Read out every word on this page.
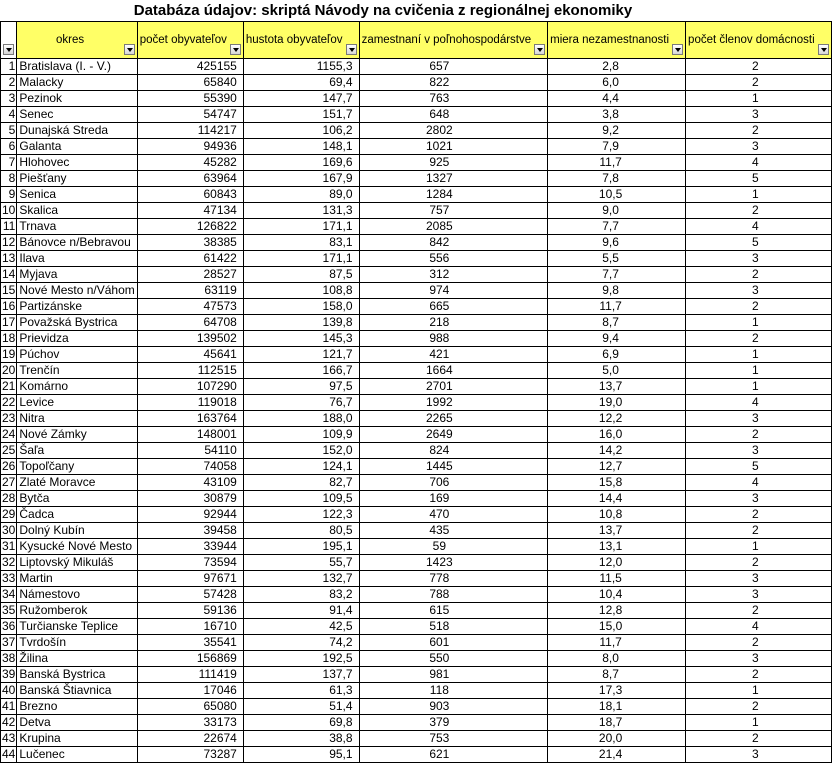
Databáza údajov: skriptá Návody na cvičenia z regionálnej ekonomiky

	okres	počet obyvateľov	hustota obyvateľov	zamestnaní v poľnohospodárstve	miera nezamestnanosti	počet členov domácnosti

1	Bratislava (I. - V.)	425155	1155,3	657	2,8	2
2	Malacky	65840	69,4	822	6,0	2
3	Pezinok	55390	147,7	763	4,4	1
4	Senec	54747	151,7	648	3,8	3
5	Dunajská Streda	114217	106,2	2802	9,2	2
6	Galanta	94936	148,1	1021	7,9	3
7	Hlohovec	45282	169,6	925	11,7	4
8	Piešťany	63964	167,9	1327	7,8	5
9	Senica	60843	89,0	1284	10,5	1
10	Skalica	47134	131,3	757	9,0	2
11	Trnava	126822	171,1	2085	7,7	4
12	Bánovce n/Bebravou	38385	83,1	842	9,6	5
13	Ilava	61422	171,1	556	5,5	3
14	Myjava	28527	87,5	312	7,7	2
15	Nové Mesto n/Váhom	63119	108,8	974	9,8	3
16	Partizánske	47573	158,0	665	11,7	2
17	Považská Bystrica	64708	139,8	218	8,7	1
18	Prievidza	139502	145,3	988	9,4	2
19	Púchov	45641	121,7	421	6,9	1
20	Trenčín	112515	166,7	1664	5,0	1
21	Komárno	107290	97,5	2701	13,7	1
22	Levice	119018	76,7	1992	19,0	4
23	Nitra	163764	188,0	2265	12,2	3
24	Nové Zámky	148001	109,9	2649	16,0	2
25	Šaľa	54110	152,0	824	14,2	3
26	Topoľčany	74058	124,1	1445	12,7	5
27	Zlaté Moravce	43109	82,7	706	15,8	4
28	Bytča	30879	109,5	169	14,4	3
29	Čadca	92944	122,3	470	10,8	2
30	Dolný Kubín	39458	80,5	435	13,7	2
31	Kysucké Nové Mesto	33944	195,1	59	13,1	1
32	Liptovský Mikuláš	73594	55,7	1423	12,0	2
33	Martin	97671	132,7	778	11,5	3
34	Námestovo	57428	83,2	788	10,4	3
35	Ružomberok	59136	91,4	615	12,8	2
36	Turčianske Teplice	16710	42,5	518	15,0	4
37	Tvrdošín	35541	74,2	601	11,7	2
38	Žilina	156869	192,5	550	8,0	3
39	Banská Bystrica	111419	137,7	981	8,7	2
40	Banská Štiavnica	17046	61,3	118	17,3	1
41	Brezno	65080	51,4	903	18,1	2
42	Detva	33173	69,8	379	18,7	1
43	Krupina	22674	38,8	753	20,0	2
44	Lučenec	73287	95,1	621	21,4	3
